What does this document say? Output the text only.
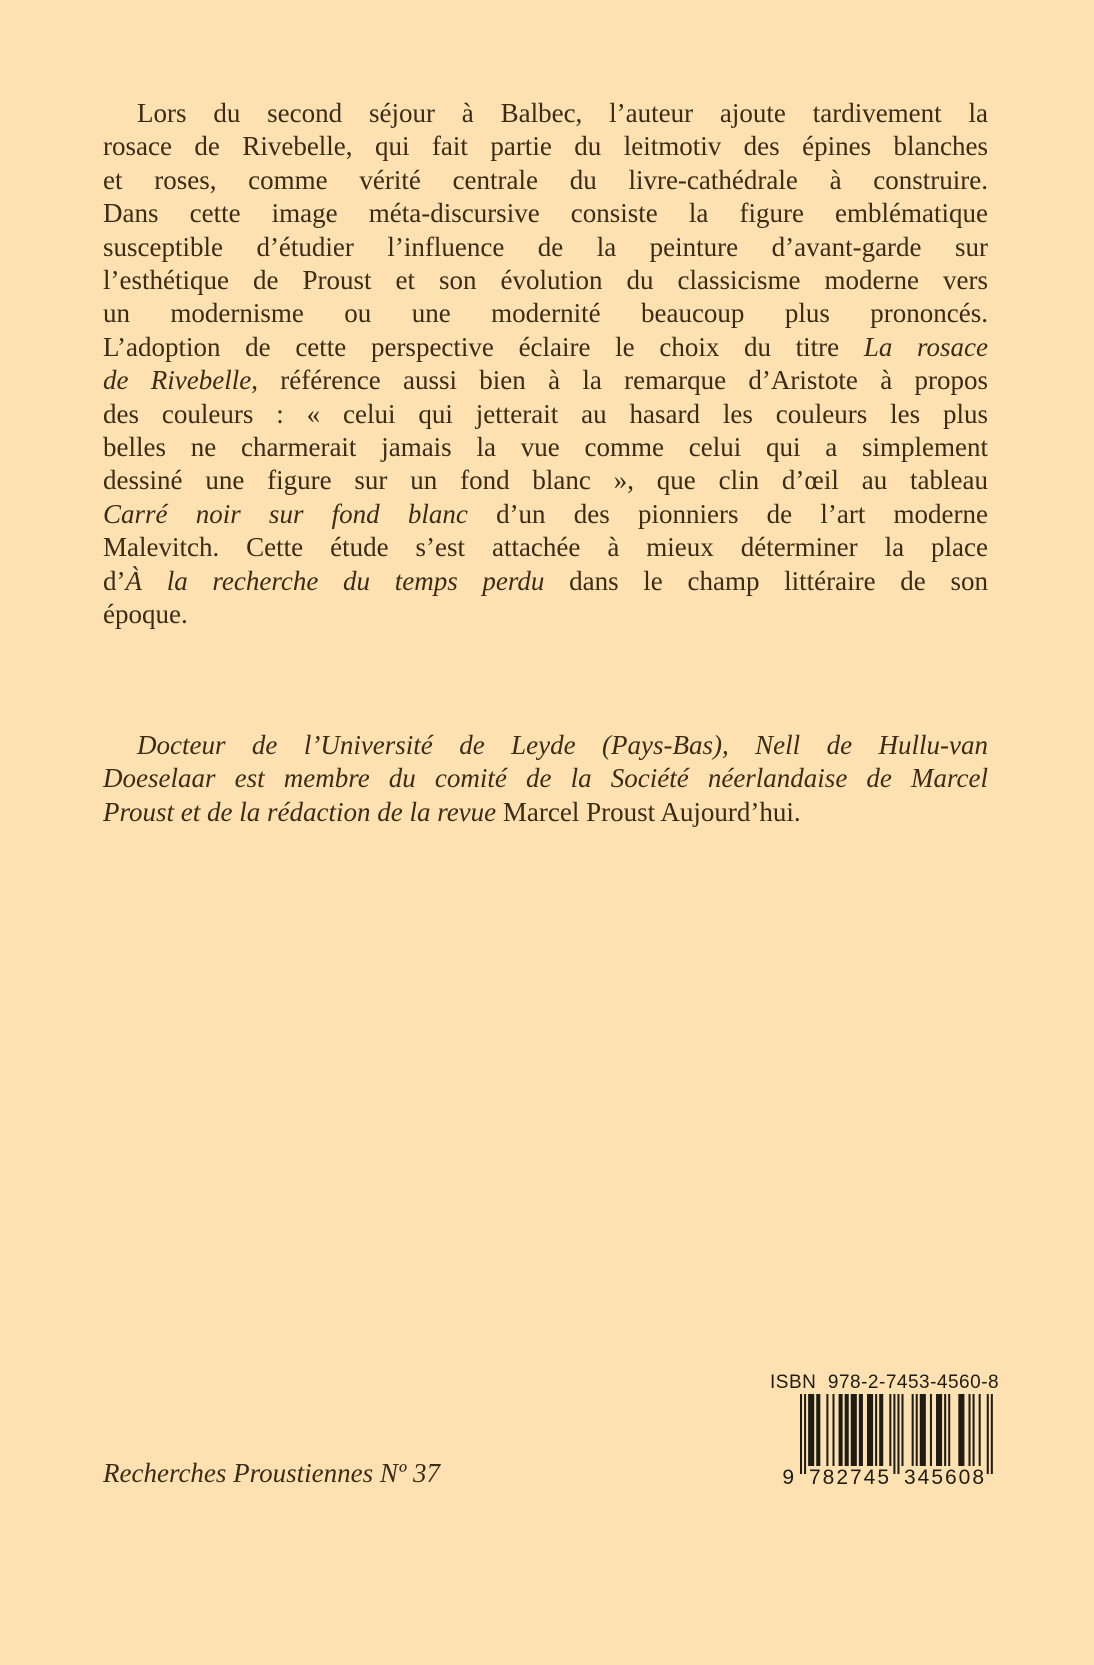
Lors du second séjour à Balbec, l’auteur ajoute tardivement la
rosace de Rivebelle, qui fait partie du leitmotiv des épines blanches
et roses, comme vérité centrale du livre-cathédrale à construire.
Dans cette image méta-discursive consiste la figure emblématique
susceptible d’étudier l’influence de la peinture d’avant-garde sur
l’esthétique de Proust et son évolution du classicisme moderne vers
un modernisme ou une modernité beaucoup plus prononcés.
L’adoption de cette perspective éclaire le choix du titre La rosace
de Rivebelle, référence aussi bien à la remarque d’Aristote à propos
des couleurs : « celui qui jetterait au hasard les couleurs les plus
belles ne charmerait jamais la vue comme celui qui a simplement
dessiné une figure sur un fond blanc », que clin d’œil au tableau
Carré noir sur fond blanc d’un des pionniers de l’art moderne
Malevitch. Cette étude s’est attachée à mieux déterminer la place
d’À la recherche du temps perdu dans le champ littéraire de son
époque.
Docteur de l’Université de Leyde (Pays-Bas), Nell de Hullu-van
Doeselaar est membre du comité de la Société néerlandaise de Marcel
Proust et de la rédaction de la revue Marcel Proust Aujourd’hui.
Recherches Proustiennes Nº 37
ISBN  978-2-7453-4560-8
9 782745 345608
